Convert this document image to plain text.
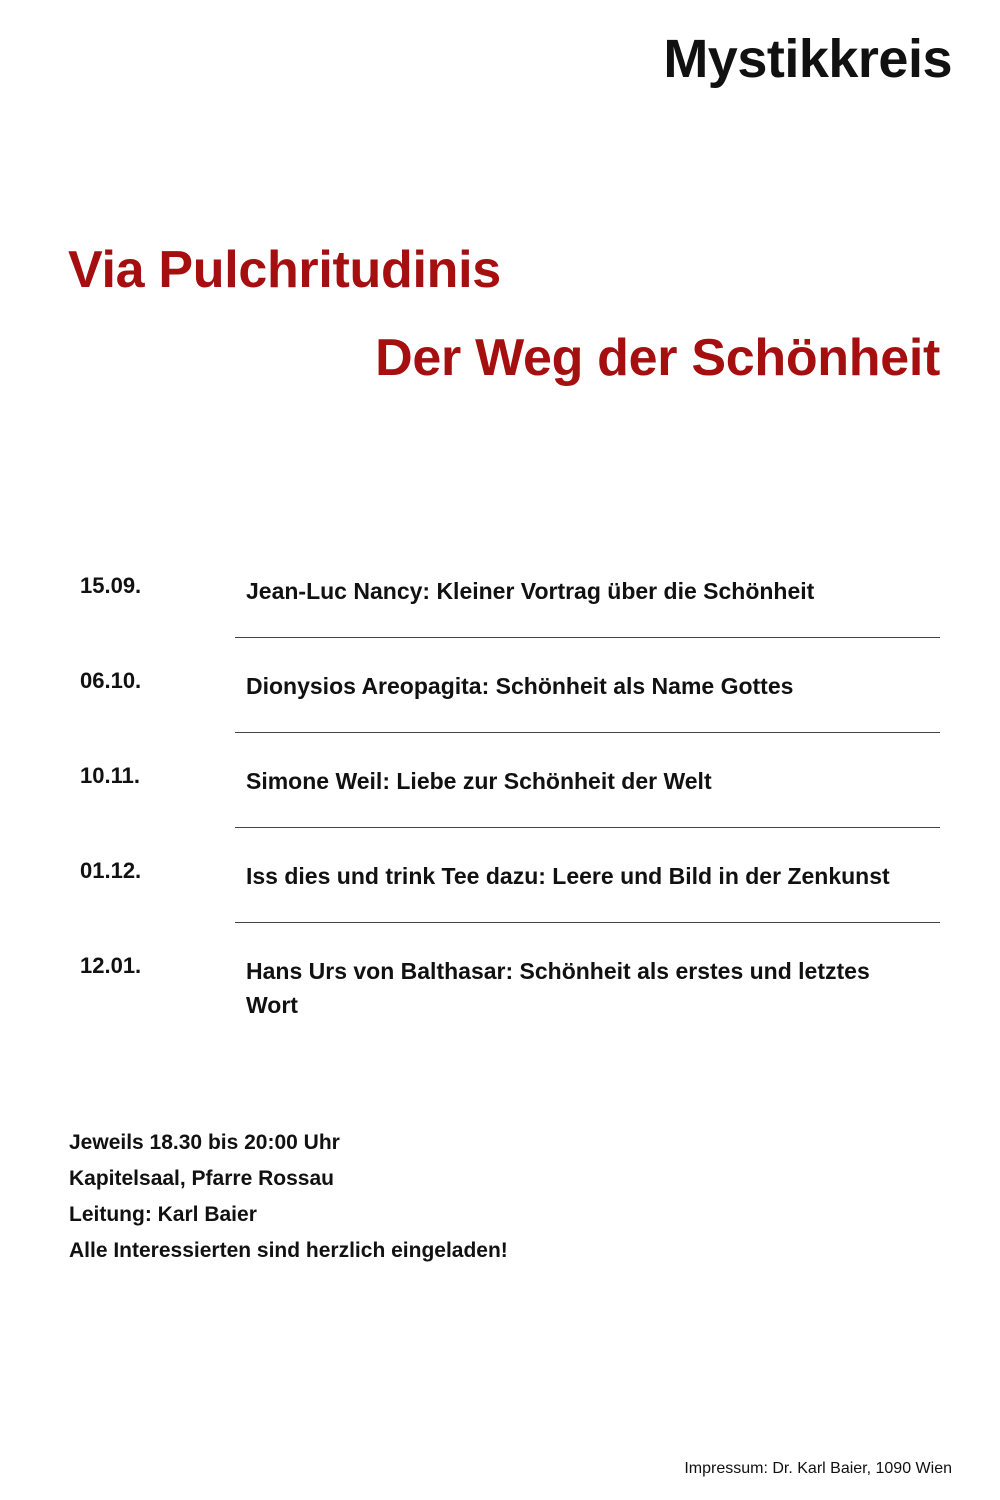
Mystikkreis
Via Pulchritudinis
Der Weg der Schönheit
15.09.	Jean-Luc Nancy: Kleiner Vortrag über die Schönheit
06.10.	Dionysios Areopagita: Schönheit als Name Gottes
10.11.	Simone Weil: Liebe zur Schönheit der Welt
01.12.	Iss dies und trink Tee dazu: Leere und Bild in der Zenkunst
12.01.	Hans Urs von Balthasar: Schönheit als erstes und letztes Wort
Jeweils 18.30 bis 20:00 Uhr
Kapitelsaal, Pfarre Rossau
Leitung: Karl Baier
Alle Interessierten sind herzlich eingeladen!
Impressum: Dr. Karl Baier, 1090 Wien
